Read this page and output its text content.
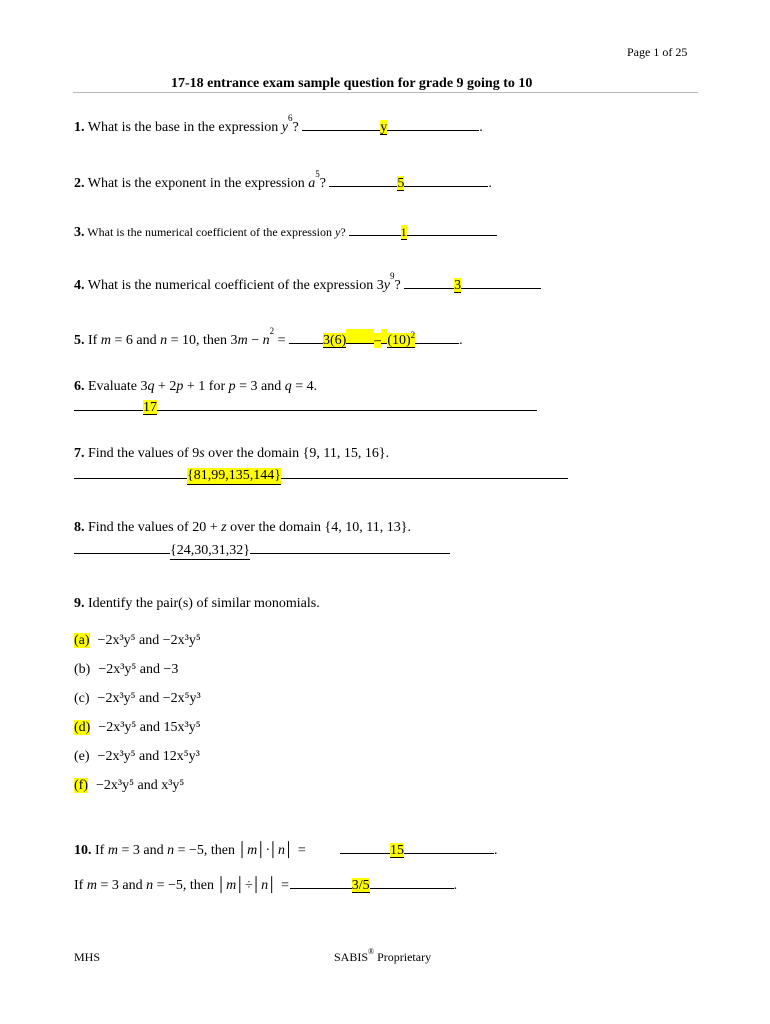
Page 1 of 25
17-18 entrance exam sample question for grade 9 going to 10
1. What is the base in the expression $y^6$?	y	.
2. What is the exponent in the expression $a^5$?	5	.
3. What is the numerical coefficient of the expression y?	1
4. What is the numerical coefficient of the expression $3y^9$?	3
5. If m = 6 and n = 10, then $3m - n^2 = 3(6) - (10)^2$	.
6. Evaluate 3q + 2p + 1 for p = 3 and q = 4.
17
7. Find the values of 9s over the domain {9, 11, 15, 16}.
{81,99,135,144}
8. Find the values of 20 + z over the domain {4, 10, 11, 13}.
{24,30,31,32}
9. Identify the pair(s) of similar monomials.
(a) −2x³y⁵ and −2x³y⁵
(b) −2x³y⁵ and −3
(c) −2x³y⁵ and −2x⁵y³
(d) −2x³y⁵ and 15x³y⁵
(e) −2x³y⁵ and 12x⁵y³
(f) −2x³y⁵ and x³y⁵
10. If m = 3 and n = −5, then │m│·│n│ =	15	.
If m = 3 and n = −5, then │m│÷│n│ =	3/5	.
MHS	SABIS® Proprietary
